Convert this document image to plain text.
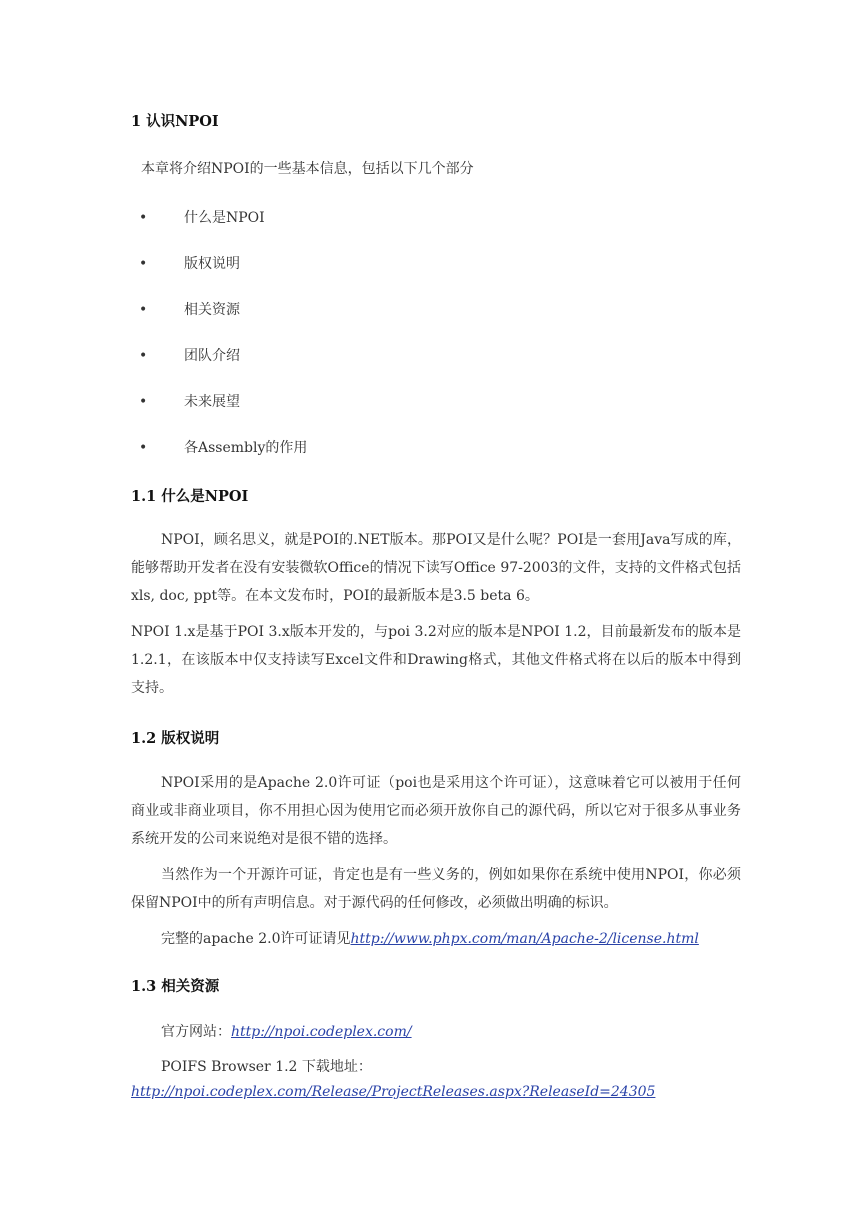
1 认识NPOI
本章将介绍NPOI的一些基本信息，包括以下几个部分
•	什么是NPOI
•	版权说明
•	相关资源
•	团队介绍
•	未来展望
•	各Assembly的作用
1.1 什么是NPOI
NPOI，顾名思义，就是POI的.NET版本。那POI又是什么呢？POI是一套用Java写成的库，能够帮助开发者在没有安装微软Office的情况下读写Office 97-2003的文件，支持的文件格式包括xls, doc, ppt等。在本文发布时，POI的最新版本是3.5 beta 6。
NPOI 1.x是基于POI 3.x版本开发的，与poi 3.2对应的版本是NPOI 1.2，目前最新发布的版本是1.2.1，在该版本中仅支持读写Excel文件和Drawing格式，其他文件格式将在以后的版本中得到支持。
1.2 版权说明
NPOI采用的是Apache 2.0许可证（poi也是采用这个许可证），这意味着它可以被用于任何商业或非商业项目，你不用担心因为使用它而必须开放你自己的源代码，所以它对于很多从事业务系统开发的公司来说绝对是很不错的选择。
当然作为一个开源许可证，肯定也是有一些义务的，例如如果你在系统中使用NPOI，你必须保留NPOI中的所有声明信息。对于源代码的任何修改，必须做出明确的标识。
完整的apache 2.0许可证请见http://www.phpx.com/man/Apache-2/license.html
1.3 相关资源
官方网站：http://npoi.codeplex.com/
POIFS Browser 1.2 下载地址：
http://npoi.codeplex.com/Release/ProjectReleases.aspx?ReleaseId=24305
